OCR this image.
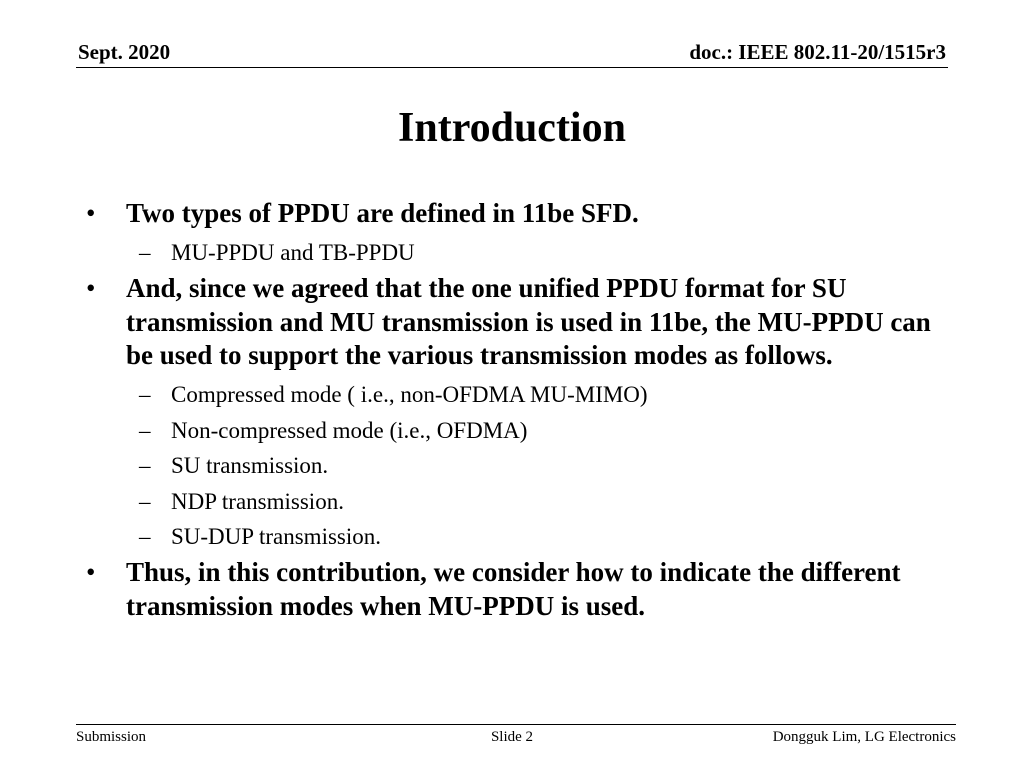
Sept. 2020	doc.: IEEE 802.11-20/1515r3
Introduction
• Two types of PPDU are defined in 11be SFD.
– MU-PPDU and TB-PPDU
• And, since we agreed that the one unified PPDU format for SU transmission and MU transmission is used in 11be, the MU-PPDU can be used to support the various transmission modes as follows.
– Compressed mode ( i.e., non-OFDMA MU-MIMO)
– Non-compressed mode (i.e., OFDMA)
– SU transmission.
– NDP transmission.
– SU-DUP transmission.
• Thus, in this contribution, we consider how to indicate the different transmission modes when MU-PPDU is used.
Submission	Slide 2	Dongguk Lim, LG Electronics
